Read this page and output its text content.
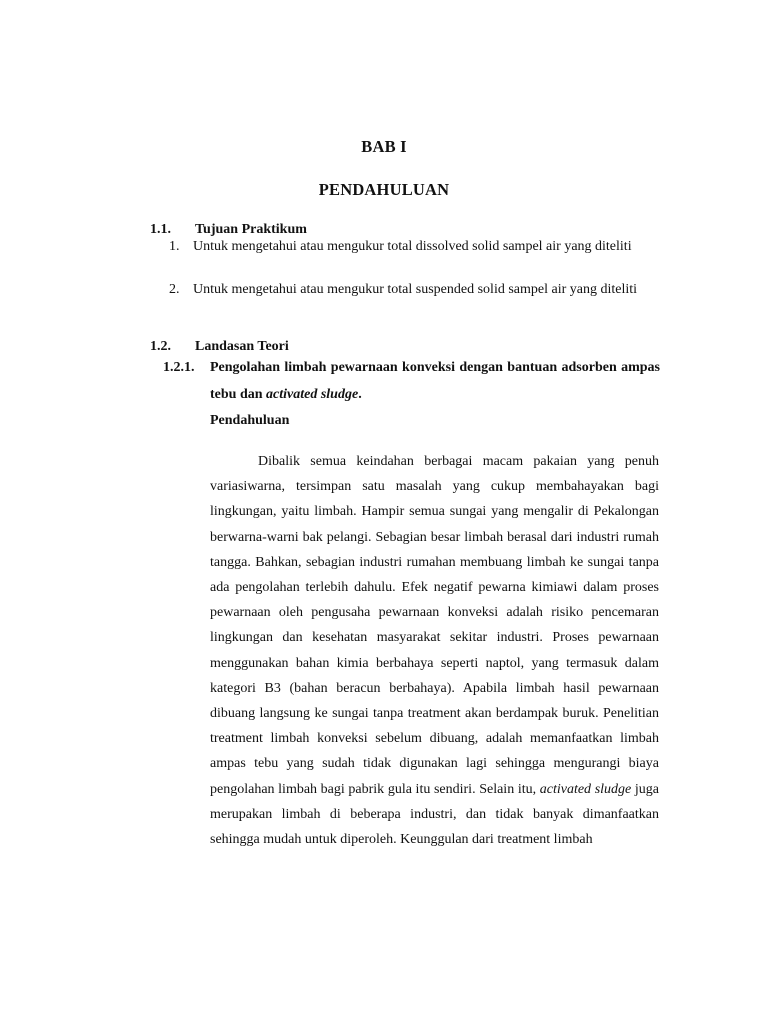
BAB I
PENDAHULUAN
1.1. Tujuan Praktikum
1. Untuk mengetahui atau mengukur total dissolved solid sampel air yang diteliti
2. Untuk mengetahui atau mengukur total suspended solid sampel air yang diteliti
1.2. Landasan Teori
1.2.1. Pengolahan limbah pewarnaan konveksi dengan bantuan adsorben ampas tebu dan activated sludge.
Pendahuluan
Dibalik semua keindahan berbagai macam pakaian yang penuh variasiwarna, tersimpan satu masalah yang cukup membahayakan bagi lingkungan, yaitu limbah. Hampir semua sungai yang mengalir di Pekalongan berwarna-warni bak pelangi. Sebagian besar limbah berasal dari industri rumah tangga. Bahkan, sebagian industri rumahan membuang limbah ke sungai tanpa ada pengolahan terlebih dahulu. Efek negatif pewarna kimiawi dalam proses pewarnaan oleh pengusaha pewarnaan konveksi adalah risiko pencemaran lingkungan dan kesehatan masyarakat sekitar industri. Proses pewarnaan menggunakan bahan kimia berbahaya seperti naptol, yang termasuk dalam kategori B3 (bahan beracun berbahaya). Apabila limbah hasil pewarnaan dibuang langsung ke sungai tanpa treatment akan berdampak buruk. Penelitian treatment limbah konveksi sebelum dibuang, adalah memanfaatkan limbah ampas tebu yang sudah tidak digunakan lagi sehingga mengurangi biaya pengolahan limbah bagi pabrik gula itu sendiri. Selain itu, activated sludge juga merupakan limbah di beberapa industri, dan tidak banyak dimanfaatkan sehingga mudah untuk diperoleh. Keunggulan dari treatment limbah
